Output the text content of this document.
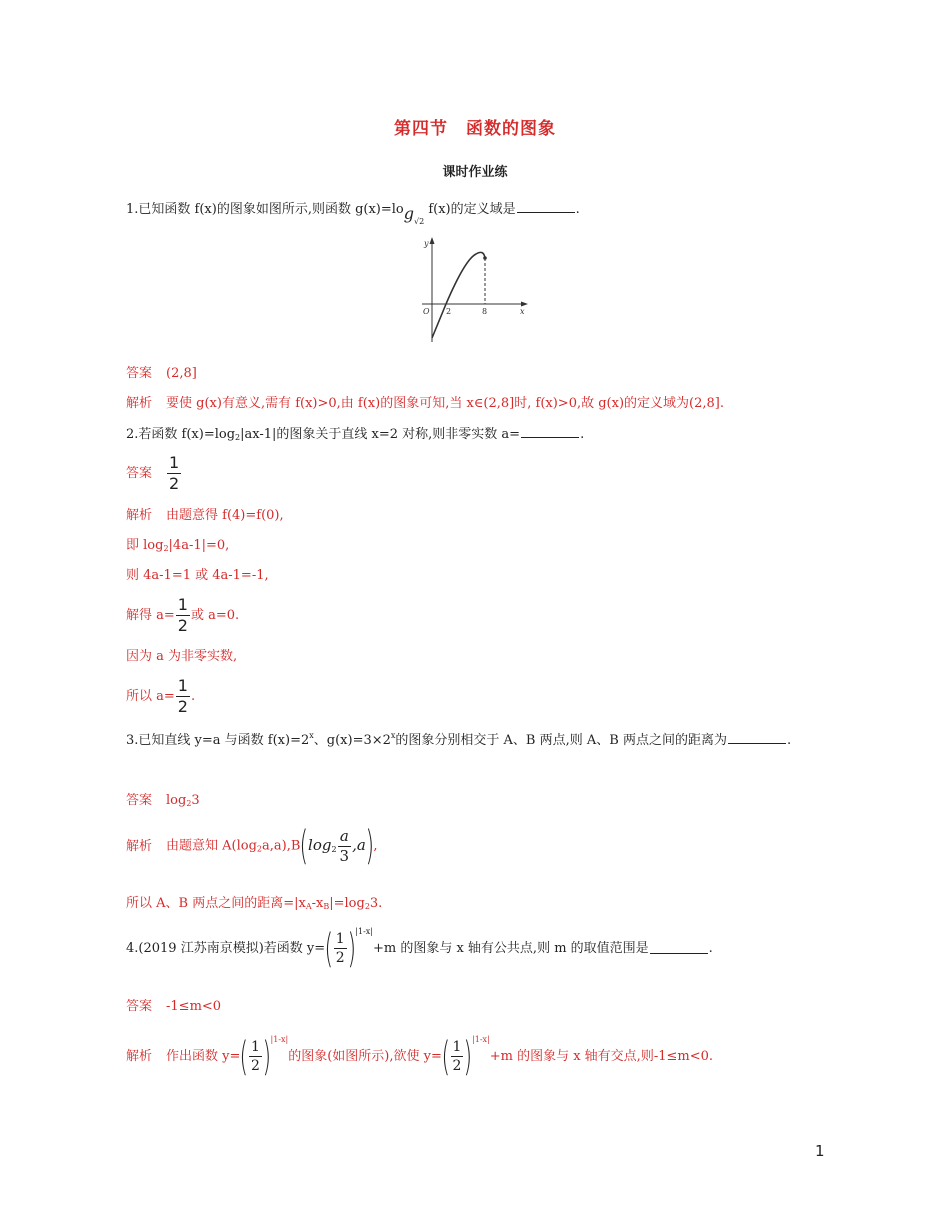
第四节　函数的图象
课时作业练
1.已知函数 f(x)的图象如图所示,则函数 $g(x)=\log_{√2}$ f(x)的定义域是	.
y
x
O 2	8
答案 (2,8]
解析 要使 g(x)有意义,需有 f(x)>0,由 f(x)的图象可知,当 x∈(2,8]时, f(x)>0,故 g(x)的定义域为(2,8].
2.若函数 $f(x)=\log_2|ax-1|$的图象关于直线 x=2 对称,则非零实数 a=	.
答案 $\frac{1}{2}$
解析 由题意得 f(4)=f(0),
即 $\log_2|4a-1|=0$,
则 4a-1=1 或 4a-1=-1,
解得 $a= \frac{1}{2}$ 或 a=0.
因为 a 为非零实数,
所以 $a= \frac{1}{2}$ .
3.已知直线 y=a 与函数 $f(x)=2^x$、$g(x)=3\times 2^x$的图象分别相交于 A、B 两点,则 A、B 两点之间的距离为	.
答案 $\log_23$
解析 由题意知 $A(\log_2a,a),B(\log_2 \frac{a}{3} ,a)$,
所以 A、B 两点之间的距离$=|x_A-x_B|=\log_23$.
4.(2019 江苏南京模拟)若函数 $y=( \frac{1}{2} )^{|1-x|}+m$ 的图象与 x 轴有公共点,则 m 的取值范围是	.
答案 -1≤m<0
解析 作出函数 $y=( \frac{1}{2} )^{|1-x|}$的图象(如图所示),欲使 $y=( \frac{1}{2} )^{|1-x|}+m$ 的图象与 x 轴有交点,则-1≤m<0.
1
